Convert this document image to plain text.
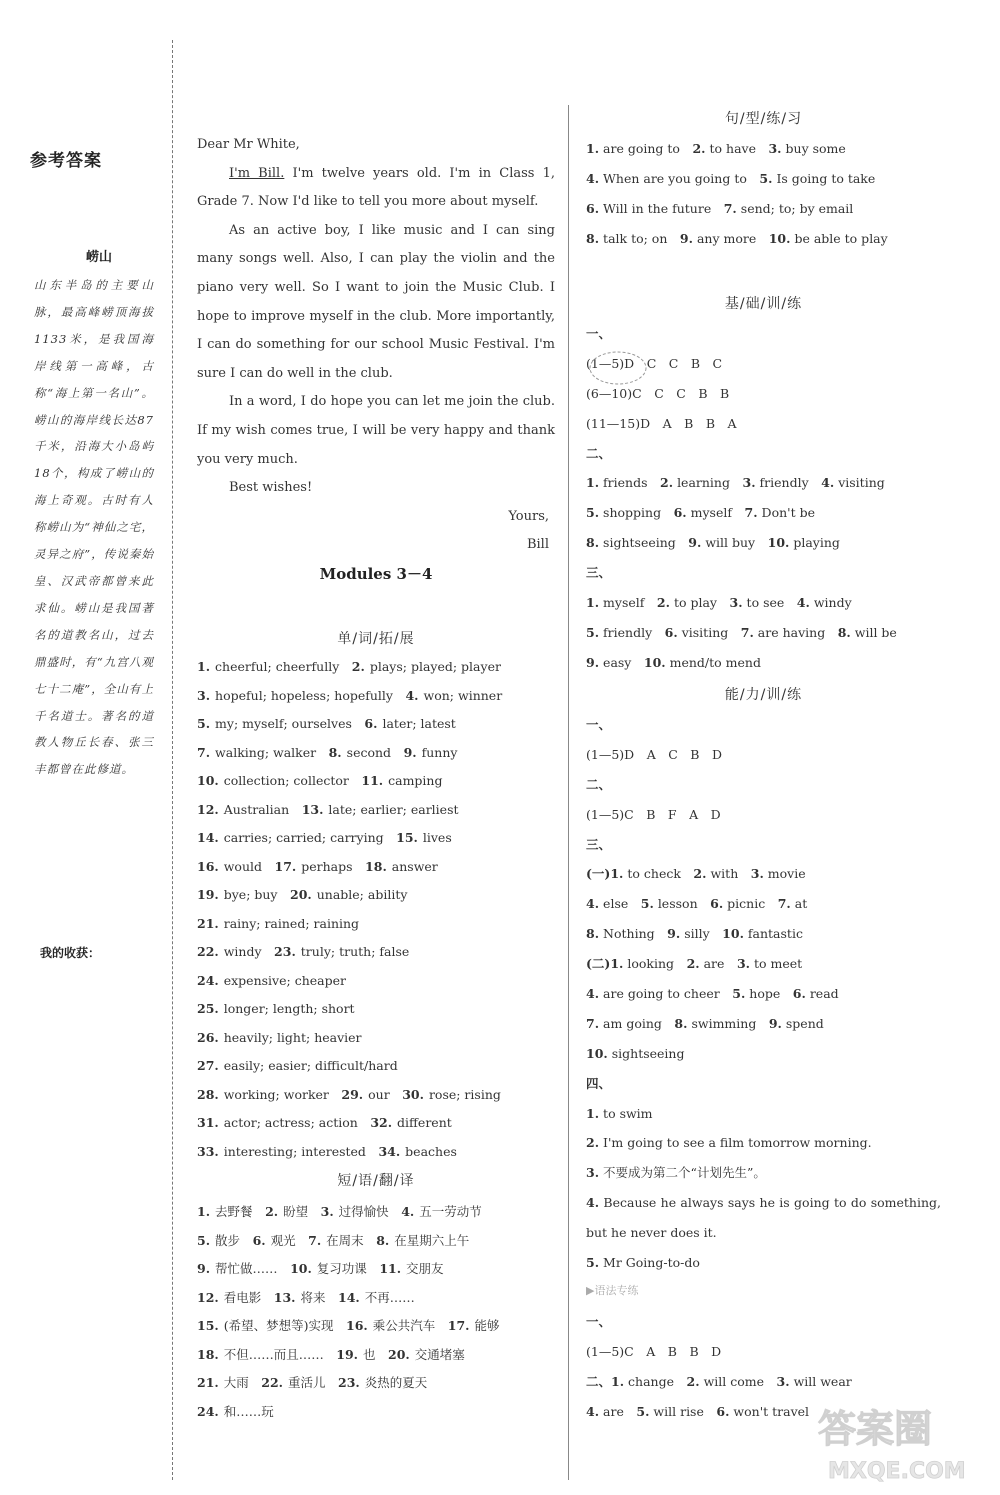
参考答案
崂山
山东半岛的主要山脉，最高峰崂顶海拔1133米，是我国海岸线第一高峰，古称“海上第一名山”。崂山的海岸线长达87千米，沿海大小岛屿18个，构成了崂山的海上奇观。古时有人称崂山为“神仙之宅，灵异之府”，传说秦始皇、汉武帝都曾来此求仙。崂山是我国著名的道教名山，过去鼎盛时，有“九宫八观七十二庵”，全山有上千名道士。著名的道教人物丘长春、张三丰都曾在此修道。
我的收获：

Dear Mr White,

I'm Bill. I'm twelve years old. I'm in Class 1, Grade 7. Now I'd like to tell you more about myself.

As an active boy, I like music and I can sing many songs well. Also, I can play the violin and the piano very well. So I want to join the Music Club. I hope to improve myself in the club. More importantly, I can do something for our school Music Festival. I'm sure I can do well in the club.

In a word, I do hope you can let me join the club. If my wish comes true, I will be very happy and thank you very much.

Best wishes!

Yours,

Bill

Modules 3－4
单/词/拓/展
1. cheerful; cheerfully  2. plays; played; player
3. hopeful; hopeless; hopefully  4. won; winner
5. my; myself; ourselves  6. later; latest
7. walking; walker  8. second  9. funny
10. collection; collector  11. camping
12. Australian  13. late; earlier; earliest
14. carries; carried; carrying  15. lives
16. would  17. perhaps  18. answer
19. bye; buy  20. unable; ability
21. rainy; rained; raining
22. windy  23. truly; truth; false
24. expensive; cheaper
25. longer; length; short
26. heavily; light; heavier
27. easily; easier; difficult/hard
28. working; worker  29. our  30. rose; rising
31. actor; actress; action  32. different
33. interesting; interested  34. beaches
短/语/翻/译
1. 去野餐  2. 盼望  3. 过得愉快  4. 五一劳动节
5. 散步  6. 观光  7. 在周末  8. 在星期六上午
9. 帮忙做……  10. 复习功课  11. 交朋友
12. 看电影  13. 将来  14. 不再……
15. (希望、梦想等)实现  16. 乘公共汽车  17. 能够
18. 不但……而且……  19. 也  20. 交通堵塞
21. 大雨  22. 重活儿  23. 炎热的夏天
24. 和……玩
句/型/练/习
1. are going to  2. to have  3. buy some
4. When are you going to  5. Is going to take
6. Will in the future  7. send; to; by email
8. talk to; on  9. any more  10. be able to play
基/础/训/练
一、
(1—5)D  C  C  B  C
(6—10)C  C  C  B  B
(11—15)D  A  B  B  A
二、
1. friends  2. learning  3. friendly  4. visiting
5. shopping  6. myself  7. Don't be
8. sightseeing  9. will buy  10. playing
三、
1. myself  2. to play  3. to see  4. windy
5. friendly  6. visiting  7. are having  8. will be
9. easy  10. mend/to mend
能/力/训/练
一、
(1—5)D  A  C  B  D
二、
(1—5)C  B  F  A  D
三、
(一)1. to check  2. with  3. movie
4. else  5. lesson  6. picnic  7. at
8. Nothing  9. silly  10. fantastic
(二)1. looking  2. are  3. to meet
4. are going to cheer  5. hope  6. read
7. am going  8. swimming  9. spend
10. sightseeing
四、
1. to swim
2. I'm going to see a film tomorrow morning.
3. 不要成为第二个“计划先生”。
4. Because he always says he is going to do something, but he never does it.
5. Mr Going-to-do
▶语法专练
一、
(1—5)C  A  B  B  D
二、1. change  2. will come  3. will wear
4. are  5. will rise  6. won't travel 答案圈
MXQE.COM
